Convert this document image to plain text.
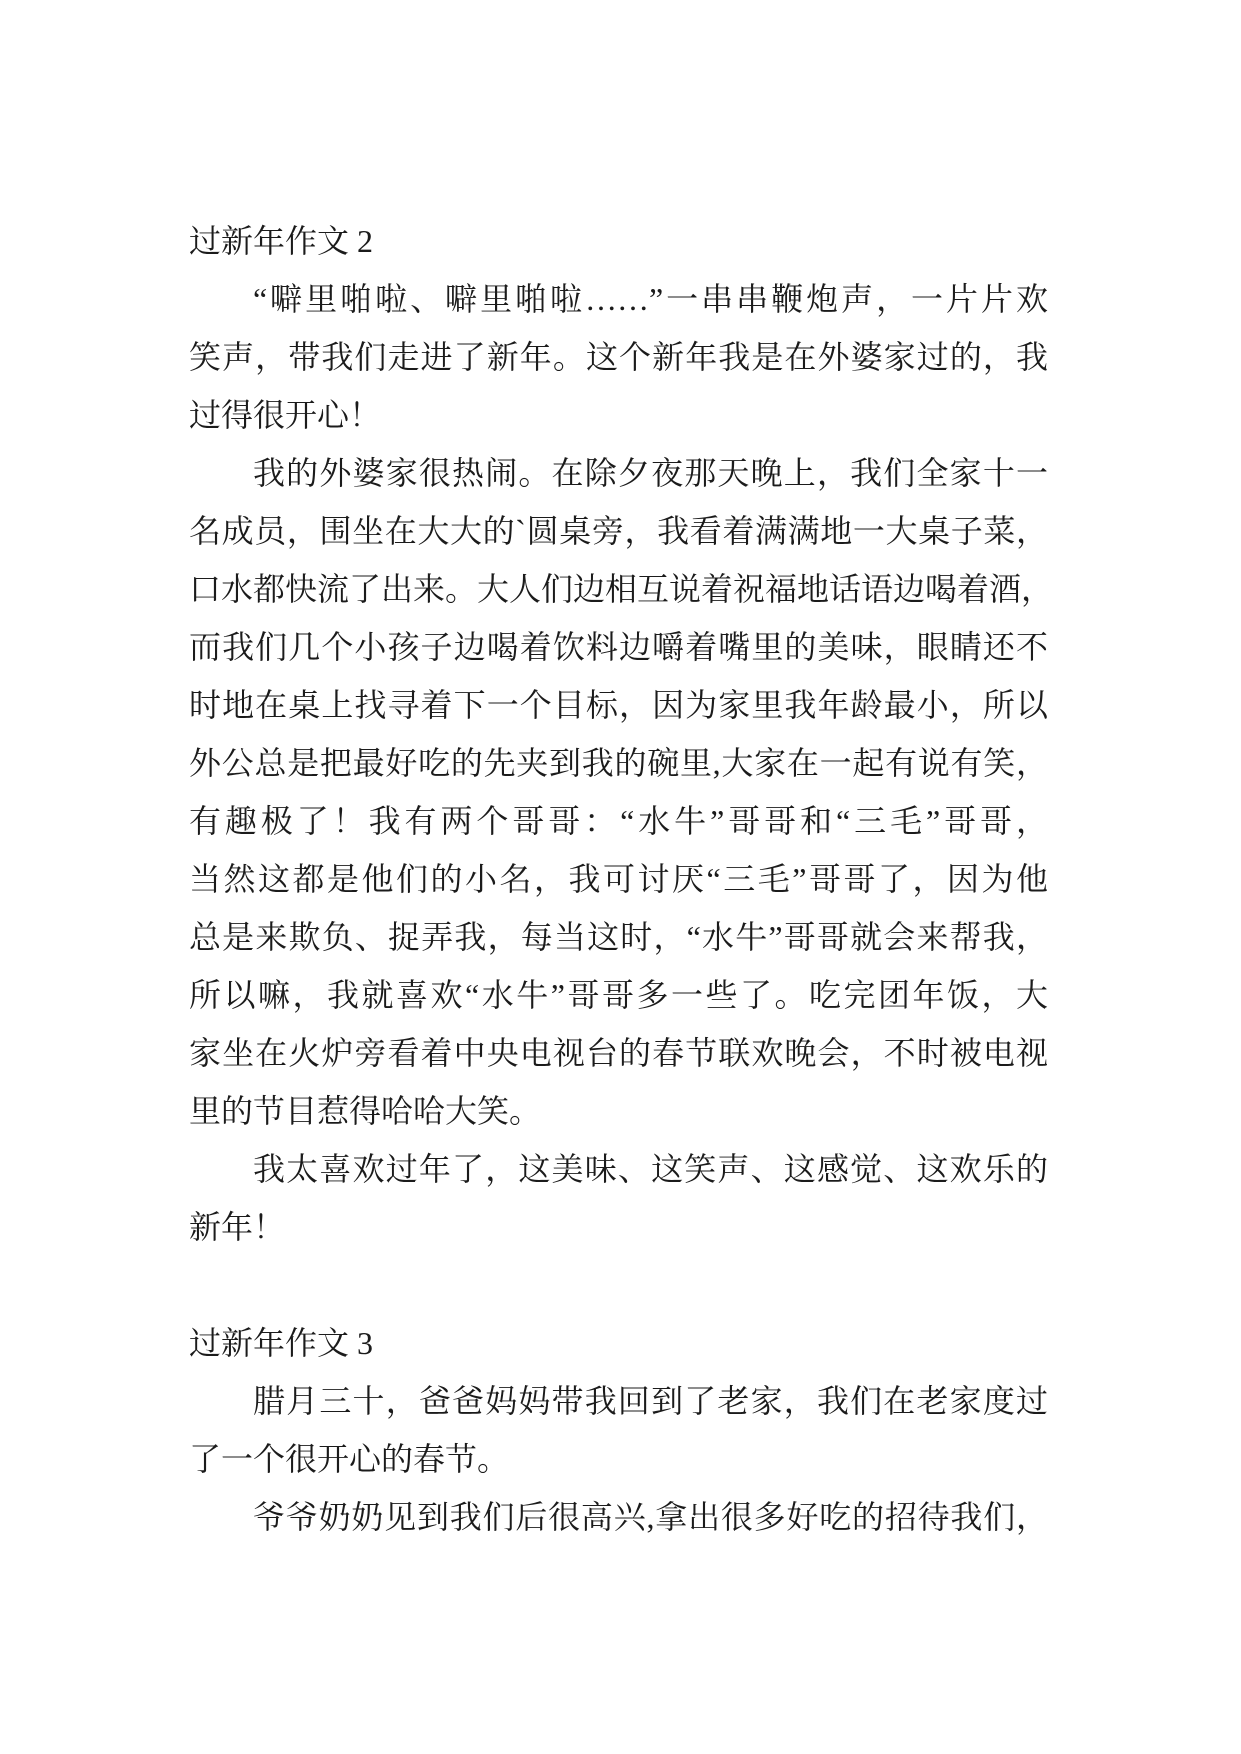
过新年作文 2
“噼里啪啦、噼里啪啦……”一串串鞭炮声，一片片欢
笑声，带我们走进了新年。这个新年我是在外婆家过的，我
过得很开心！
我的外婆家很热闹。在除夕夜那天晚上，我们全家十一
名成员，围坐在大大的`圆桌旁，我看着满满地一大桌子菜，
口水都快流了出来。大人们边相互说着祝福地话语边喝着酒，
而我们几个小孩子边喝着饮料边嚼着嘴里的美味，眼睛还不
时地在桌上找寻着下一个目标，因为家里我年龄最小，所以
外公总是把最好吃的先夹到我的碗里,大家在一起有说有笑，
有趣极了！我有两个哥哥：“水牛”哥哥和“三毛”哥哥，
当然这都是他们的小名，我可讨厌“三毛”哥哥了，因为他
总是来欺负、捉弄我，每当这时，“水牛”哥哥就会来帮我，
所以嘛，我就喜欢“水牛”哥哥多一些了。吃完团年饭，大
家坐在火炉旁看着中央电视台的春节联欢晚会，不时被电视
里的节目惹得哈哈大笑。
我太喜欢过年了，这美味、这笑声、这感觉、这欢乐的
新年！
过新年作文 3
腊月三十，爸爸妈妈带我回到了老家，我们在老家度过
了一个很开心的春节。
爷爷奶奶见到我们后很高兴,拿出很多好吃的招待我们，
